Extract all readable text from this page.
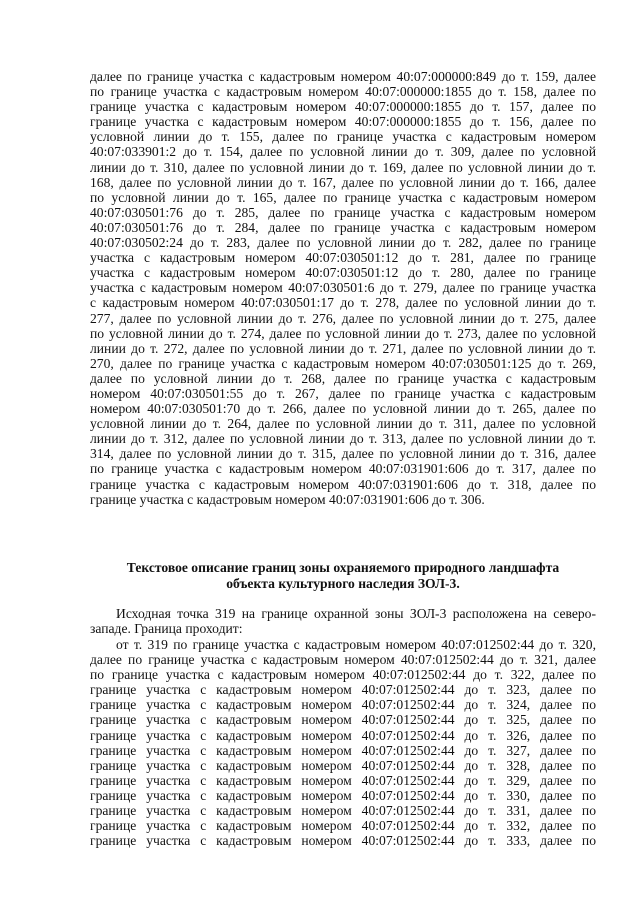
далее по границе участка с кадастровым номером 40:07:000000:849 до т. 159, далее
по границе участка с кадастровым номером 40:07:000000:1855 до т. 158, далее по
границе участка с кадастровым номером 40:07:000000:1855 до т. 157, далее по
границе участка с кадастровым номером 40:07:000000:1855 до т. 156, далее по
условной линии до т. 155, далее по границе участка с кадастровым номером
40:07:033901:2 до т. 154, далее по условной линии до т. 309, далее по условной
линии до т. 310, далее по условной линии до т. 169, далее по условной линии до т.
168, далее по условной линии до т. 167, далее по условной линии до т. 166, далее
по условной линии до т. 165, далее по границе участка с кадастровым номером
40:07:030501:76 до т. 285, далее по границе участка с кадастровым номером
40:07:030501:76 до т. 284, далее по границе участка с кадастровым номером
40:07:030502:24 до т. 283, далее по условной линии до т. 282, далее по границе
участка с кадастровым номером 40:07:030501:12 до т. 281, далее по границе
участка с кадастровым номером 40:07:030501:12 до т. 280, далее по границе
участка с кадастровым номером 40:07:030501:6 до т. 279, далее по границе участка
с кадастровым номером 40:07:030501:17 до т. 278, далее по условной линии до т.
277, далее по условной линии до т. 276, далее по условной линии до т. 275, далее
по условной линии до т. 274, далее по условной линии до т. 273, далее по условной
линии до т. 272, далее по условной линии до т. 271, далее по условной линии до т.
270, далее по границе участка с кадастровым номером 40:07:030501:125 до т. 269,
далее по условной линии до т. 268, далее по границе участка с кадастровым
номером 40:07:030501:55 до т. 267, далее по границе участка с кадастровым
номером 40:07:030501:70 до т. 266, далее по условной линии до т. 265, далее по
условной линии до т. 264, далее по условной линии до т. 311, далее по условной
линии до т. 312, далее по условной линии до т. 313, далее по условной линии до т.
314, далее по условной линии до т. 315, далее по условной линии до т. 316, далее
по границе участка с кадастровым номером 40:07:031901:606 до т. 317, далее по
границе участка с кадастровым номером 40:07:031901:606 до т. 318, далее по
границе участка с кадастровым номером 40:07:031901:606 до т. 306.
Текстовое описание границ зоны охраняемого природного ландшафта
объекта культурного наследия ЗОЛ-3.
Исходная точка 319 на границе охранной зоны ЗОЛ-3 расположена на северо-
западе. Граница проходит:
от т. 319 по границе участка с кадастровым номером 40:07:012502:44 до т. 320,
далее по границе участка с кадастровым номером 40:07:012502:44 до т. 321, далее
по границе участка с кадастровым номером 40:07:012502:44 до т. 322, далее по
границе участка с кадастровым номером 40:07:012502:44 до т. 323, далее по
границе участка с кадастровым номером 40:07:012502:44 до т. 324, далее по
границе участка с кадастровым номером 40:07:012502:44 до т. 325, далее по
границе участка с кадастровым номером 40:07:012502:44 до т. 326, далее по
границе участка с кадастровым номером 40:07:012502:44 до т. 327, далее по
границе участка с кадастровым номером 40:07:012502:44 до т. 328, далее по
границе участка с кадастровым номером 40:07:012502:44 до т. 329, далее по
границе участка с кадастровым номером 40:07:012502:44 до т. 330, далее по
границе участка с кадастровым номером 40:07:012502:44 до т. 331, далее по
границе участка с кадастровым номером 40:07:012502:44 до т. 332, далее по
границе участка с кадастровым номером 40:07:012502:44 до т. 333, далее по
